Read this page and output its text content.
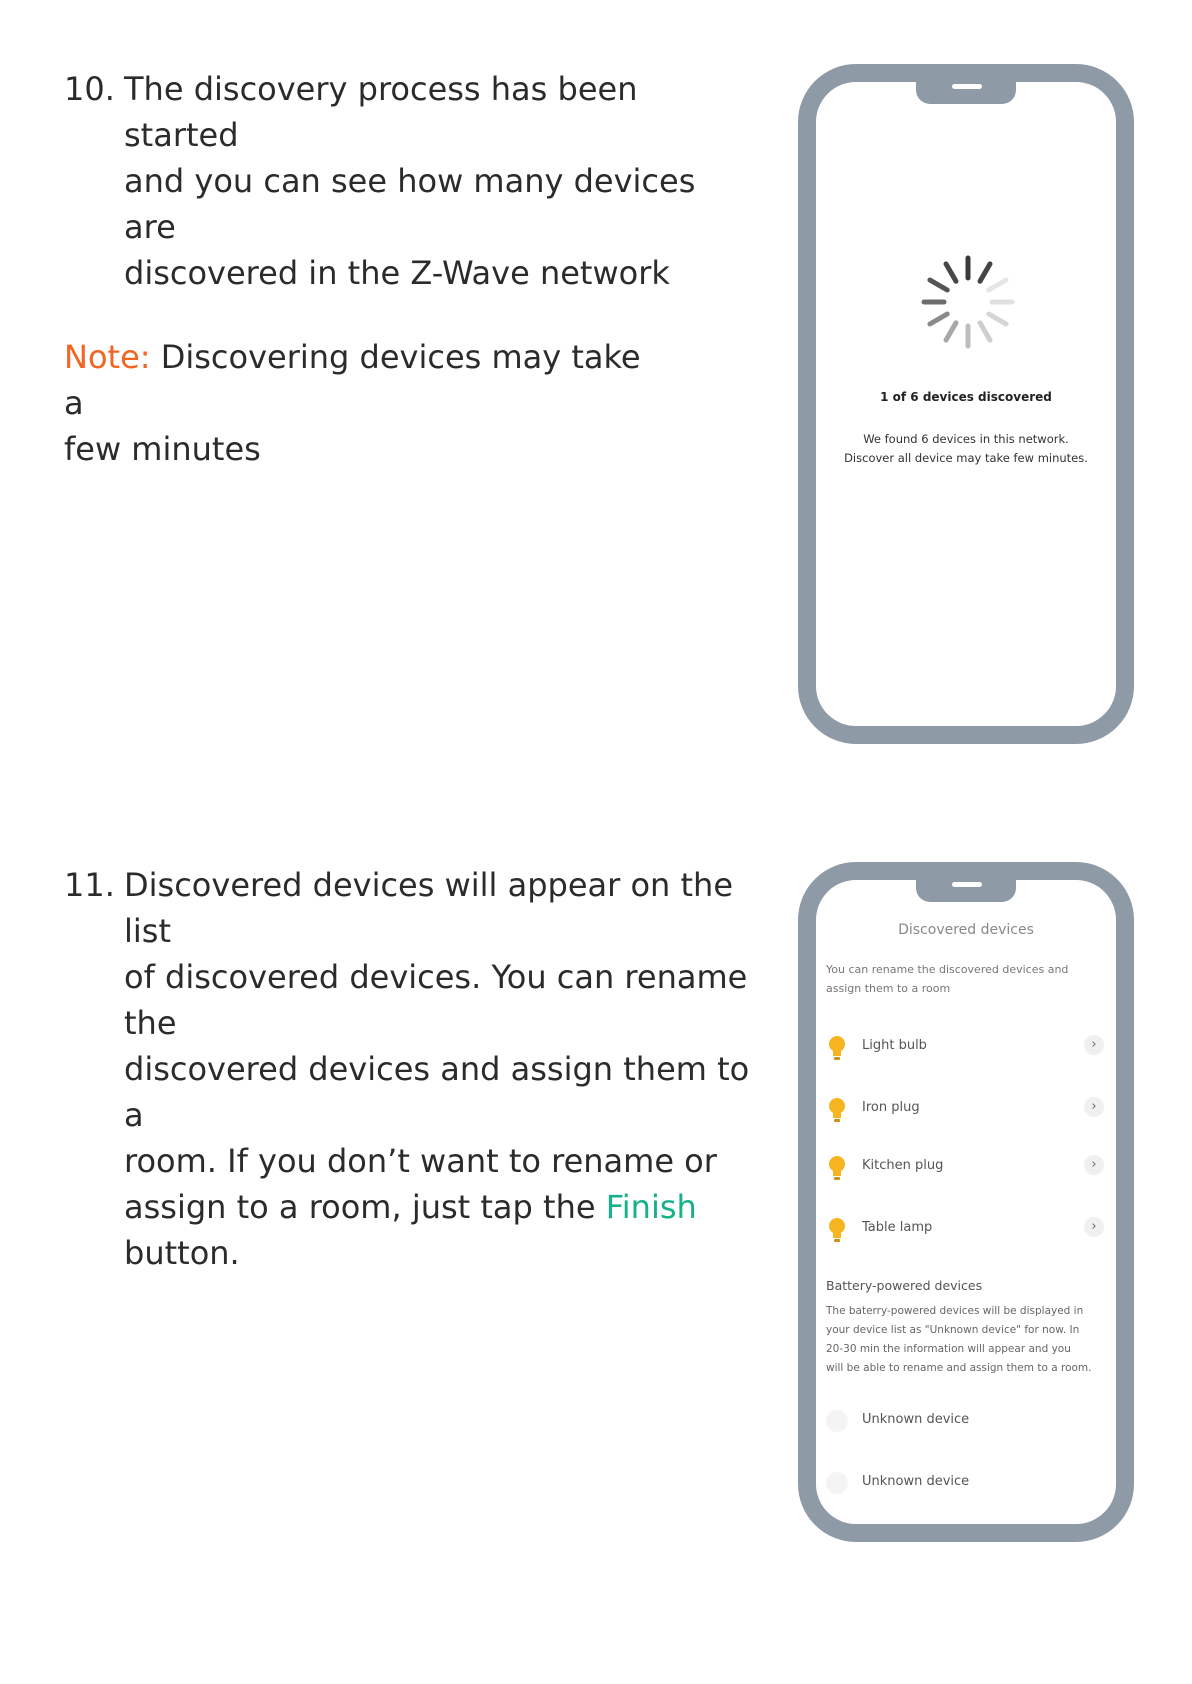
10. The discovery process has been started
and you can see how many devices are
discovered in the Z-Wave network
Note: Discovering devices may take a
few minutes
1 of 6 devices discovered
We found 6 devices in this network.
Discover all device may take few minutes.
11. Discovered devices will appear on the list
of discovered devices. You can rename the
discovered devices and assign them to a
room. If you don’t want to rename or
assign to a room, just tap the Finish
button.
Discovered devices
You can rename the discovered devices and
assign them to a room
Light bulb	›
Iron plug	›
Kitchen plug	›
Table lamp	›
Battery-powered devices
The baterry-powered devices will be displayed in
your device list as "Unknown device" for now. In
20-30 min the information will appear and you
will be able to rename and assign them to a room.
Unknown device
Unknown device
